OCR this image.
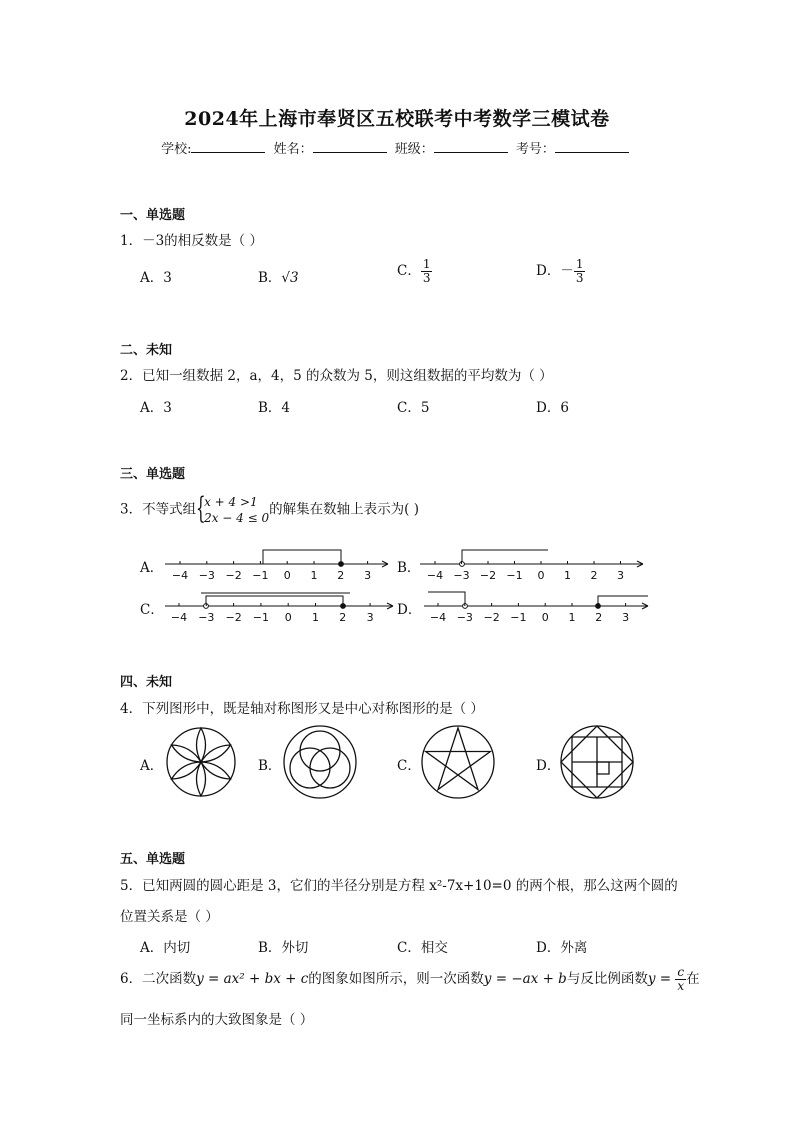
2024年上海市奉贤区五校联考中考数学三模试卷
学校:	姓名：	班级：	考号：
一、单选题
1．－3的相反数是（ ）
A．3	B．√3	C． $\frac{1}{3}$	D．－ $\frac{1}{3}$
二、未知
2．已知一组数据 2，a，4，5 的众数为 5，则这组数据的平均数为（ ）
A．3	B．4	C．5	D．6
三、单选题
3．不等式组 {
x + 4 >1
2x − 4 ≤ 0
的解集在数轴上表示为( )
A．	B．
C．	D．
−4 −3 −2 −1 0 1 2 3	−4 −3 −2 −1 0 1 2 3
−4 −3 −2 −1 0 1 2 3	−4 −3 −2 −1 0 1 2 3
四、未知
4．下列图形中，既是轴对称图形又是中心对称图形的是（ ）
A．	B．	C．	D．
五、单选题
5．已知两圆的圆心距是 3，它们的半径分别是方程 x²-7x+10=0 的两个根，那么这两个圆的
位置关系是（ ）
A．内切	B．外切	C．相交	D．外离
6．二次函数y = ax² + bx + c的图象如图所示，则一次函数y = −ax + b与反比例函数$y = \frac{c}{x}$ 在
同一坐标系内的大致图象是（ ）
